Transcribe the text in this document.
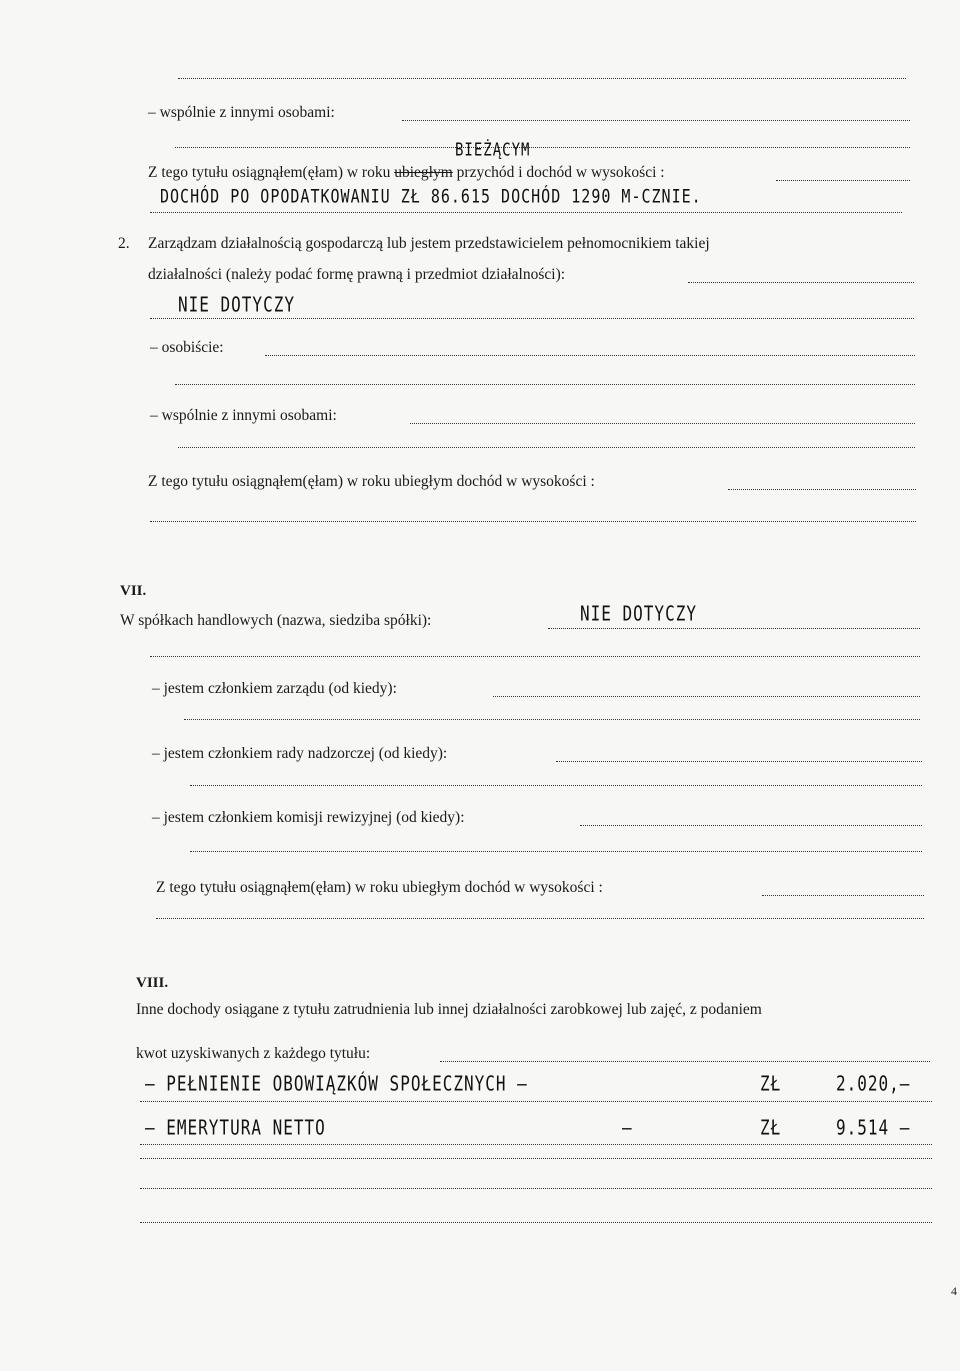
– wspólnie z innymi osobami:
BIEŻĄCYM
Z tego tytułu osiągnąłem(ęłam) w roku ubiegłym przychód i dochód w wysokości :
DOCHÓD PO OPODATKOWANIU ZŁ 86.615 DOCHÓD 1290 M-CZNIE.
2. Zarządzam działalnością gospodarczą lub jestem przedstawicielem pełnomocnikiem takiej
działalności (należy podać formę prawną i przedmiot działalności):
NIE DOTYCZY
– osobiście:
– wspólnie z innymi osobami:
Z tego tytułu osiągnąłem(ęłam) w roku ubiegłym dochód w wysokości :
VII.
W spółkach handlowych (nazwa, siedziba spółki):	NIE DOTYCZY
– jestem członkiem zarządu (od kiedy):
– jestem członkiem rady nadzorczej (od kiedy):
– jestem członkiem komisji rewizyjnej (od kiedy):
Z tego tytułu osiągnąłem(ęłam) w roku ubiegłym dochód w wysokości :
VIII.
Inne dochody osiągane z tytułu zatrudnienia lub innej działalności zarobkowej lub zajęć, z podaniem
kwot uzyskiwanych z każdego tytułu:
– PEŁNIENIE OBOWIĄZKÓW SPOŁECZNYCH –	ZŁ	2.020,–
– EMERYTURA NETTO	–	ZŁ	9.514 –
4
